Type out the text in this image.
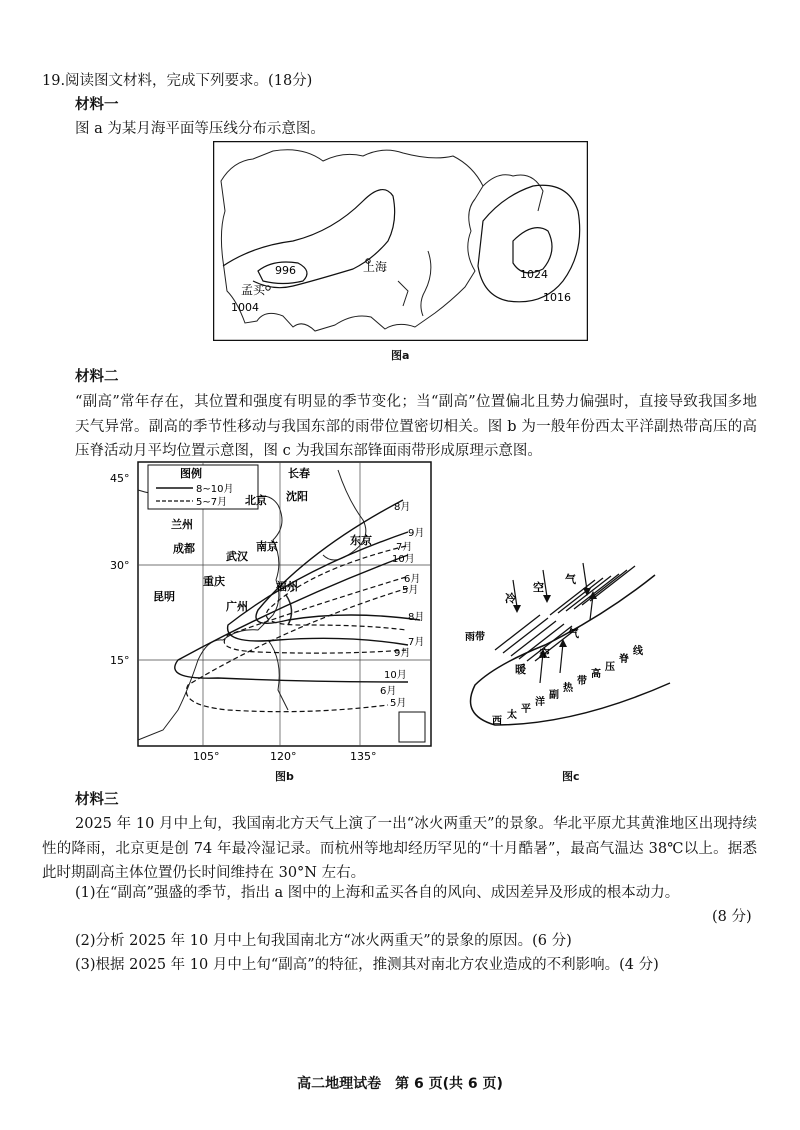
19.阅读图文材料，完成下列要求。(18分)
材料一
图 a 为某月海平面等压线分布示意图。
上海
孟买
996
1004
1024
1016
图a
材料二
“副高”常年存在，其位置和强度有明显的季节变化；当“副高”位置偏北且势力偏强时，直接导致我国多地天气异常。副高的季节性移动与我国东部的雨带位置密切相关。图 b 为一般年份西太平洋副热带高压的高压脊活动月平均位置示意图，图 c 为我国东部锋面雨带形成原理示意图。
图例
8~10月
5~7月
45°
30°
15°
105°	120°	135°
长春
北京 沈阳
兰州
成都
武汉
南京	东京
重庆
昆明
福州
广州
8月
9月
7月
10月
6月
5月
8月
7月
9月
10月
6月
5月
图b
冷
空
气
雨带
暖
空
气
西
太
平
洋
副
热
带
高
压
脊
线
图c
材料三
2025 年 10 月中上旬，我国南北方天气上演了一出“冰火两重天”的景象。华北平原尤其黄淮地区出现持续性的降雨，北京更是创 74 年最冷湿记录。而杭州等地却经历罕见的“十月酷暑”，最高气温达 38℃以上。据悉此时期副高主体位置仍长时间维持在 30°N 左右。
(1)在“副高”强盛的季节，指出 a 图中的上海和孟买各自的风向、成因差异及形成的根本动力。
(8 分)
(2)分析 2025 年 10 月中上旬我国南北方“冰火两重天”的景象的原因。(6 分)
(3)根据 2025 年 10 月中上旬“副高”的特征，推测其对南北方农业造成的不利影响。(4 分)
高二地理试卷　第 6 页(共 6 页)
